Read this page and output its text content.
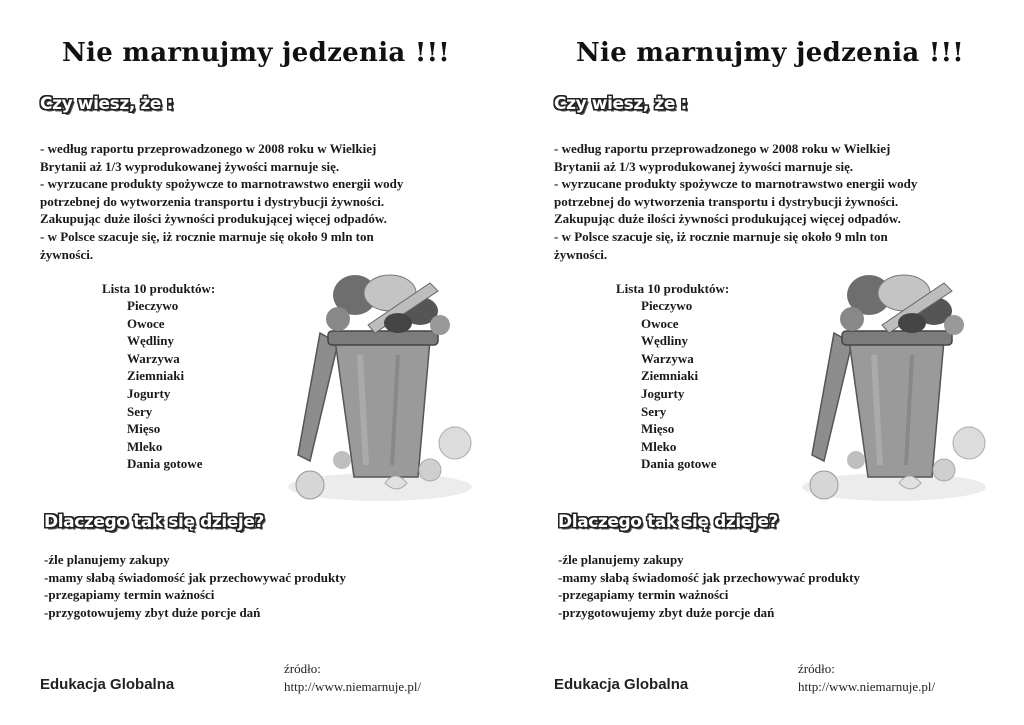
Nie marnujmy jedzenia !!!
Czy wiesz, że :

- według raportu przeprowadzonego w 2008 roku w Wielkiej Brytanii aż 1/3 wyprodukowanej żywości marnuje się.

- wyrzucane produkty spożywcze to marnotrawstwo energii wody potrzebnej do wytworzenia transportu i dystrybucji żywności. Zakupując duże ilości żywności produkującej więcej odpadów.

- w Polsce szacuje się, iż rocznie marnuje się około 9 mln ton żywności.

Lista 10 produktów:

Pieczywo
Owoce
Wędliny
Warzywa
Ziemniaki
Jogurty
Sery
Mięso
Mleko
Dania gotowe
Dlaczego tak się dzieje?
-źle planujemy zakupy
-mamy słabą świadomość jak przechowywać produkty
-przegapiamy termin ważności
-przygotowujemy zbyt duże porcje dań

Edukacja Globalna

źródło:
http://www.niemarnuje.pl/
Nie marnujmy jedzenia !!!
Czy wiesz, że :

- według raportu przeprowadzonego w 2008 roku w Wielkiej Brytanii aż 1/3 wyprodukowanej żywości marnuje się.

- wyrzucane produkty spożywcze to marnotrawstwo energii wody potrzebnej do wytworzenia transportu i dystrybucji żywności. Zakupując duże ilości żywności produkującej więcej odpadów.

- w Polsce szacuje się, iż rocznie marnuje się około 9 mln ton żywności.

Lista 10 produktów:

Pieczywo
Owoce
Wędliny
Warzywa
Ziemniaki
Jogurty
Sery
Mięso
Mleko
Dania gotowe
Dlaczego tak się dzieje?
-źle planujemy zakupy
-mamy słabą świadomość jak przechowywać produkty
-przegapiamy termin ważności
-przygotowujemy zbyt duże porcje dań

Edukacja Globalna

źródło:
http://www.niemarnuje.pl/
